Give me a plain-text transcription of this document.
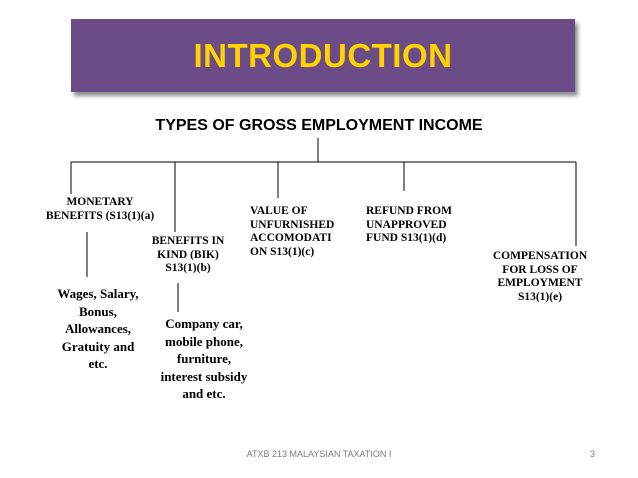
INTRODUCTION
TYPES OF GROSS EMPLOYMENT INCOME
MONETARY
BENEFITS (S13(1)(a)
BENEFITS IN
KIND (BIK)
S13(1)(b)
VALUE OF
UNFURNISHED
ACCOMODATI
ON S13(1)(c)
REFUND FROM
UNAPPROVED
FUND S13(1)(d)
COMPENSATION
FOR LOSS OF
EMPLOYMENT
S13(1)(e)
Wages, Salary,
Bonus,
Allowances,
Gratuity and
etc.
Company car,
mobile phone,
furniture,
interest subsidy
and etc.
ATXB 213 MALAYSIAN TAXATION I	3
